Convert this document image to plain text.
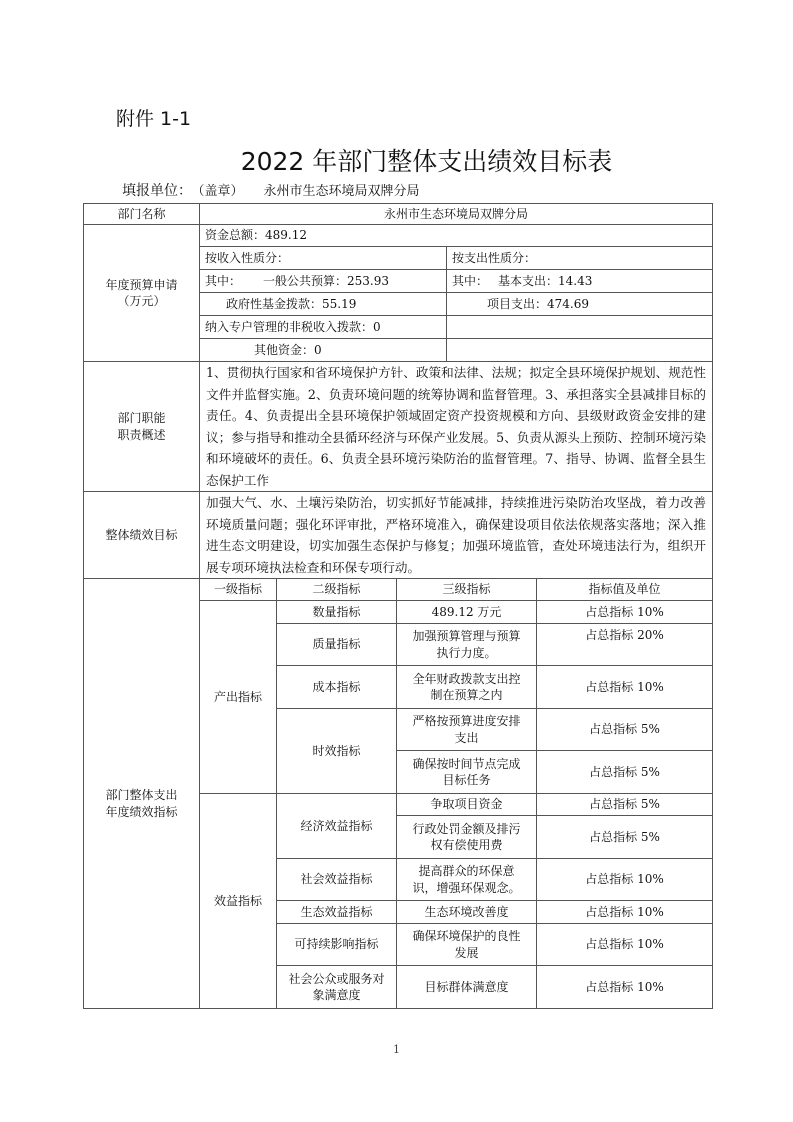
附件 1-1
2022 年部门整体支出绩效目标表
填报单位： （盖章） 永州市生态环境局双牌分局
部门名称	永州市生态环境局双牌分局				

年度预算申请
（万元）	资金总额：489.12				
	按收入性质分：			按支出性质分：	
	其中： 一般公共预算：253.93			其中： 基本支出：14.43	
	政府性基金拨款：55.19			项目支出：474.69	
	纳入专户管理的非税收入拨款：0				
	其他资金：0				

部门职能
职责概述	1、贯彻执行国家和省环境保护方针、政策和法律、法规；拟定全县环境保护规划、规范性文件并监督实施。2、负责环境问题的统筹协调和监督管理。3、承担落实全县减排目标的责任。4、负责提出全县环境保护领域固定资产投资规模和方向、县级财政资金安排的建议；参与指导和推动全县循环经济与环保产业发展。5、负责从源头上预防、控制环境污染和环境破坏的责任。6、负责全县环境污染防治的监督管理。7、指导、协调、监督全县生态保护工作				
整体绩效目标	加强大气、水、土壤污染防治，切实抓好节能减排，持续推进污染防治攻坚战，着力改善环境质量问题；强化环评审批，严格环境准入，确保建设项目依法依规落实落地；深入推进生态文明建设，切实加强生态保护与修复；加强环境监管，查处环境违法行为，组织开展专项环境执法检查和环保专项行动。				

部门整体支出
年度绩效指标	一级指标	二级指标	三级指标		指标值及单位
	产出指标	数量指标	489.12 万元		占总指标 10%
		质量指标	加强预算管理与预算执行力度。		占总指标 20%
		成本指标	全年财政拨款支出控制在预算之内		占总指标 10%
		时效指标	严格按预算进度安排支出		占总指标 5%
			确保按时间节点完成目标任务		占总指标 5%
	效益指标	经济效益指标	争取项目资金		占总指标 5%
			行政处罚金额及排污权有偿使用费		占总指标 5%
		社会效益指标	提高群众的环保意识，增强环保观念。		占总指标 10%
		生态效益指标	生态环境改善度		占总指标 10%
		可持续影响指标	确保环境保护的良性发展		占总指标 10%
		社会公众或服务对象满意度	目标群体满意度		占总指标 10%
1
